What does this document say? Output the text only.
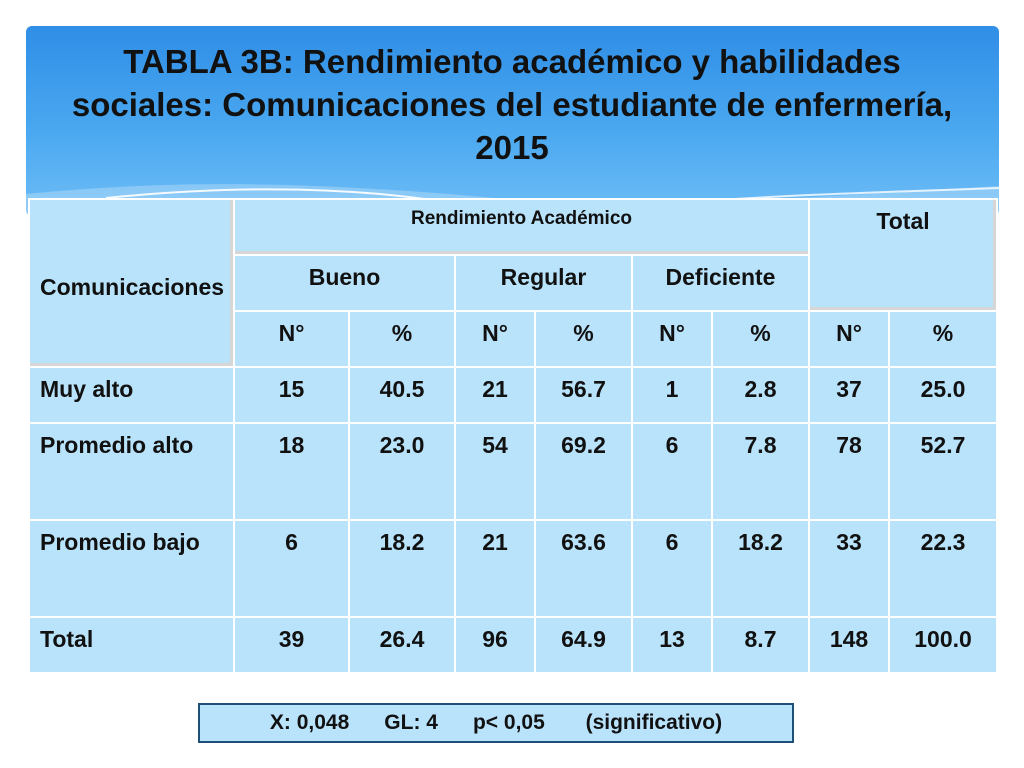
TABLA 3B: Rendimiento académico y habilidades sociales: Comunicaciones del estudiante de enfermería, 2015
Comunicaciones	Rendimiento Académico						Total	
	Bueno		Regular		Deficiente			
	N°	%	N°	%	N°	%	N°	%
Muy alto	15	40.5	21	56.7	1	2.8	37	25.0
Promedio alto	18	23.0	54	69.2	6	7.8	78	52.7
Promedio bajo	6	18.2	21	63.6	6	18.2	33	22.3
Total	39	26.4	96	64.9	13	8.7	148	100.0
X: 0,048      GL: 4      p< 0,05       (significativo)
